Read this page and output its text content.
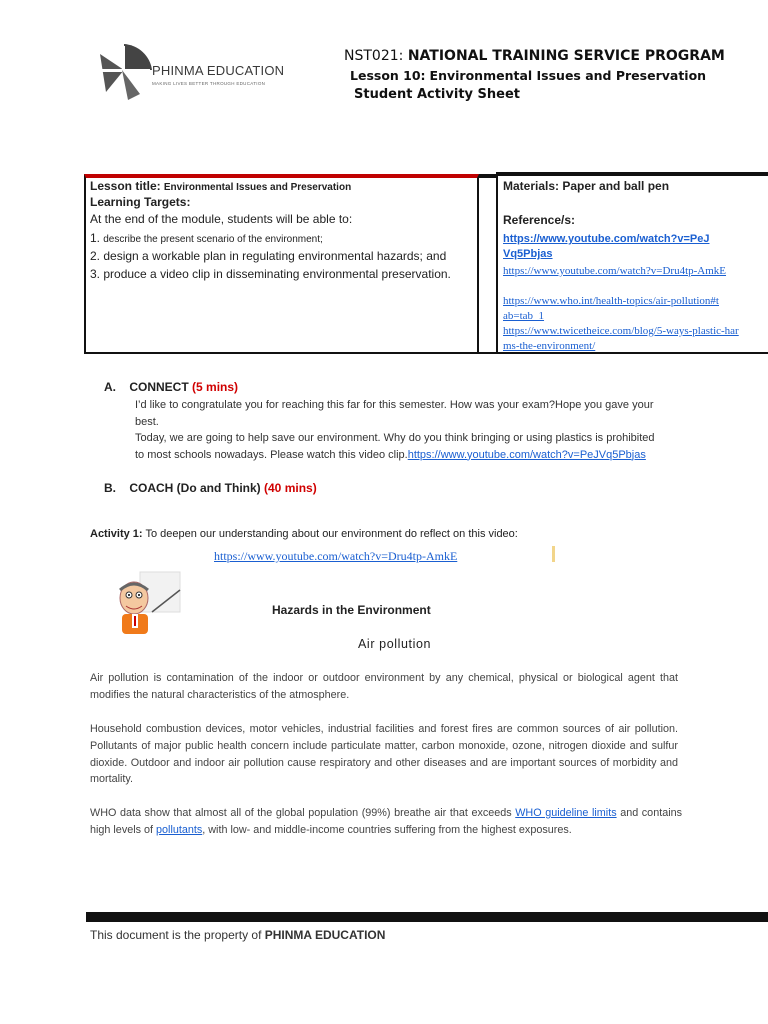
PHINMA EDUCATION
MAKING LIVES BETTER THROUGH EDUCATION
NST021: NATIONAL TRAINING SERVICE PROGRAM
Lesson 10: Environmental Issues and Preservation
Student Activity Sheet
Lesson title: Environmental Issues and Preservation
Learning Targets:
At the end of the module, students will be able to:
1. describe the present scenario of the environment;
2. design a workable plan in regulating environmental hazards; and
3. produce a video clip in disseminating environmental preservation.
Materials: Paper and ball pen
Reference/s:
https://www.youtube.com/watch?v=PeJVq5Pbjas
https://www.youtube.com/watch?v=Dru4tp-AmkE
https://www.who.int/health-topics/air-pollution#tab=tab_1
https://www.twicetheice.com/blog/5-ways-plastic-harms-the-environment/
A. CONNECT (5 mins)
I’d like to congratulate you for reaching this far for this semester. How was your exam?Hope you gave your
best.
Today, we are going to help save our environment. Why do you think bringing or using plastics is prohibited
to most schools nowadays. Please watch this video clip.https://www.youtube.com/watch?v=PeJVq5Pbjas
B. COACH (Do and Think) (40 mins)
Activity 1: To deepen our understanding about our environment do reflect on this video:
https://www.youtube.com/watch?v=Dru4tp-AmkE
Hazards in the Environment
Air pollution
Air pollution is contamination of the indoor or outdoor environment by any chemical, physical or biological agent that modifies the natural characteristics of the atmosphere.
Household combustion devices, motor vehicles, industrial facilities and forest fires are common sources of air pollution. Pollutants of major public health concern include particulate matter, carbon monoxide, ozone, nitrogen dioxide and sulfur dioxide. Outdoor and indoor air pollution cause respiratory and other diseases and are important sources of morbidity and mortality.
WHO data show that almost all of the global population (99%) breathe air that exceeds WHO guideline limits and contains high levels of pollutants, with low- and middle-income countries suffering from the highest exposures.
This document is the property of PHINMA EDUCATION
